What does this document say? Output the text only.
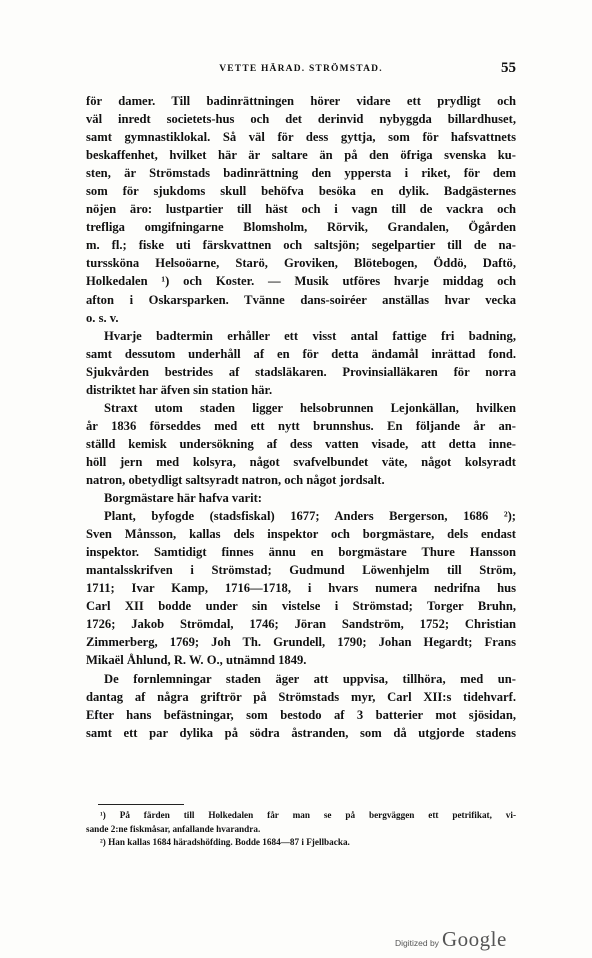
VETTE HÄRAD. STRÖMSTAD.	55
för damer. Till badinrättningen hörer vidare ett prydligt och
väl inredt societets-hus och det derinvid nybyggda billardhuset,
samt gymnastiklokal. Så väl för dess gyttja, som för hafsvattnets
beskaffenhet, hvilket här är saltare än på den öfriga svenska ku-
sten, är Strömstads badinrättning den yppersta i riket, för dem
som för sjukdoms skull behöfva besöka en dylik. Badgästernes
nöjen äro: lustpartier till häst och i vagn till de vackra och
trefliga omgifningarne Blomsholm, Rörvik, Grandalen, Ögården
m. fl.; fiske uti färskvattnen och saltsjön; segelpartier till de na-
turssköna Helsoöarne, Starö, Groviken, Blötebogen, Öddö, Daftö,
Holkedalen ¹) och Koster. — Musik utföres hvarje middag och
afton i Oskarsparken. Tvänne dans-soiréer anställas hvar vecka
o. s. v.
Hvarje badtermin erhåller ett visst antal fattige fri badning,
samt dessutom underhåll af en för detta ändamål inrättad fond.
Sjukvården bestrides af stadsläkaren. Provinsialläkaren för norra
distriktet har äfven sin station här.
Straxt utom staden ligger helsobrunnen Lejonkällan, hvilken
år 1836 förseddes med ett nytt brunnshus. En följande år an-
ställd kemisk undersökning af dess vatten visade, att detta inne-
höll jern med kolsyra, något svafvelbundet väte, något kolsyradt
natron, obetydligt saltsyradt natron, och något jordsalt.
Borgmästare här hafva varit:
Plant, byfogde (stadsfiskal) 1677; Anders Bergerson, 1686 ²);
Sven Månsson, kallas dels inspektor och borgmästare, dels endast
inspektor. Samtidigt finnes ännu en borgmästare Thure Hansson
mantalsskrifven i Strömstad; Gudmund Löwenhjelm till Ström,
1711; Ivar Kamp, 1716—1718, i hvars numera nedrifna hus
Carl XII bodde under sin vistelse i Strömstad; Torger Bruhn,
1726; Jakob Strömdal, 1746; Jöran Sandström, 1752; Christian
Zimmerberg, 1769; Joh Th. Grundell, 1790; Johan Hegardt; Frans
Mikaël Åhlund, R. W. O., utnämnd 1849.
De fornlemningar staden äger att uppvisa, tillhöra, med un-
dantag af några griftrör på Strömstads myr, Carl XII:s tidehvarf.
Efter hans befästningar, som bestodo af 3 batterier mot sjösidan,
samt ett par dylika på södra åstranden, som då utgjorde stadens
¹) På färden till Holkedalen får man se på bergväggen ett petrifikat, vi-
sande 2:ne fiskmåsar, anfallande hvarandra.
²) Han kallas 1684 häradshöfding. Bodde 1684—87 i Fjellbacka.
Digitized by Google
